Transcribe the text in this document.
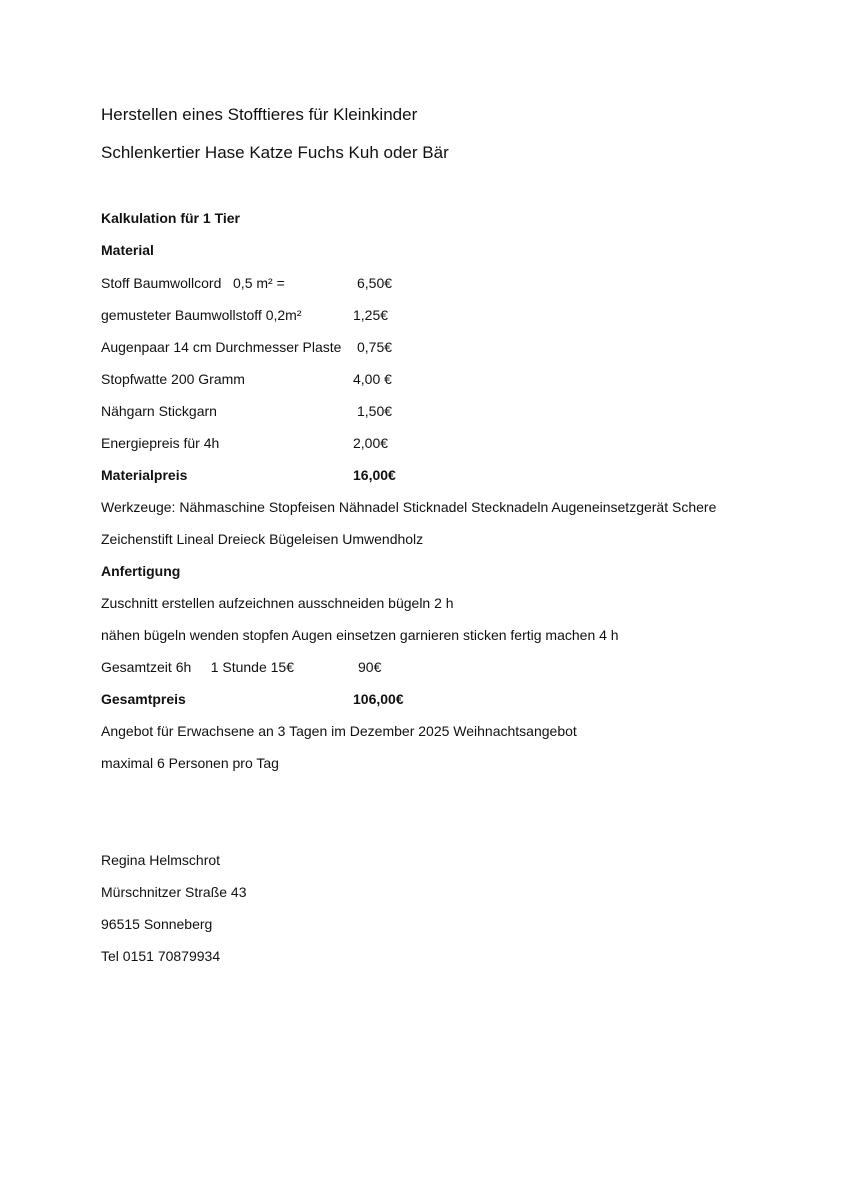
Herstellen eines Stofftieres für Kleinkinder
Schlenkertier Hase Katze Fuchs Kuh oder Bär
Kalkulation für 1 Tier
Material
Stoff Baumwollcord   0,5 m² =	6,50€
gemusteter Baumwollstoff 0,2m²	1,25€
Augenpaar 14 cm Durchmesser Plaste 0,75€
Stopfwatte 200 Gramm	4,00 €
Nähgarn Stickgarn	1,50€
Energiepreis für 4h	2,00€
Materialpreis	16,00€
Werkzeuge: Nähmaschine Stopfeisen Nähnadel Sticknadel Stecknadeln Augeneinsetzgerät Schere
Zeichenstift Lineal Dreieck Bügeleisen Umwendholz
Anfertigung
Zuschnitt erstellen aufzeichnen ausschneiden bügeln 2 h
nähen bügeln wenden stopfen Augen einsetzen garnieren sticken fertig machen 4 h
Gesamtzeit 6h     1 Stunde 15€	90€
Gesamtpreis	106,00€
Angebot für Erwachsene an 3 Tagen im Dezember 2025 Weihnachtsangebot
maximal 6 Personen pro Tag
Regina Helmschrot
Mürschnitzer Straße 43
96515 Sonneberg
Tel 0151 70879934
